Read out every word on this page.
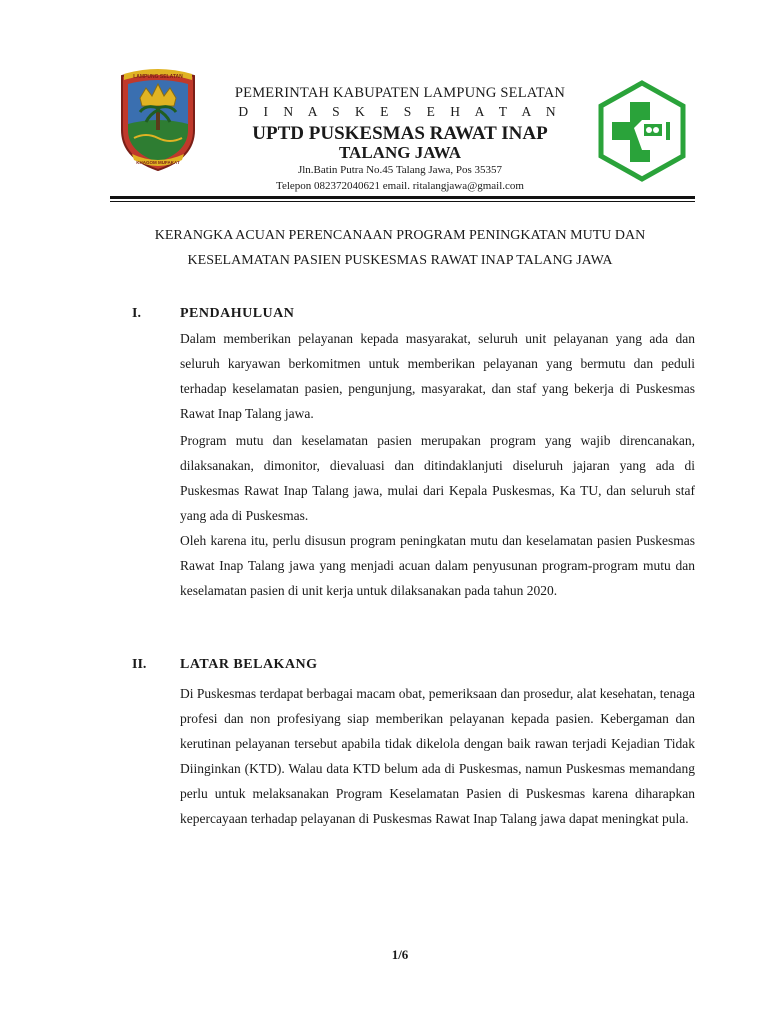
LAMPUNG SELATAN
KHAGOM MUFAKAT
PEMERINTAH KABUPATEN LAMPUNG SELATAN
D I N A S K E S E H A T A N
UPTD PUSKESMAS RAWAT INAP
TALANG JAWA
Jln.Batin Putra No.45 Talang Jawa, Pos 35357
Telepon 082372040621 email. ritalangjawa@gmail.com
KERANGKA ACUAN PERENCANAAN PROGRAM PENINGKATAN MUTU DAN
KESELAMATAN PASIEN PUSKESMAS RAWAT INAP TALANG JAWA
I.	PENDAHULUAN

Dalam memberikan pelayanan kepada masyarakat, seluruh unit pelayanan yang ada dan seluruh karyawan berkomitmen untuk memberikan pelayanan yang bermutu dan peduli terhadap keselamatan pasien, pengunjung, masyarakat, dan staf yang bekerja di Puskesmas Rawat Inap Talang jawa.

Program mutu dan keselamatan pasien merupakan program yang wajib direncanakan, dilaksanakan, dimonitor, dievaluasi dan ditindaklanjuti diseluruh jajaran yang ada di Puskesmas Rawat Inap Talang jawa, mulai dari Kepala Puskesmas, Ka TU, dan seluruh staf yang ada di Puskesmas.

Oleh karena itu, perlu disusun program peningkatan mutu dan keselamatan pasien Puskesmas Rawat Inap Talang jawa yang menjadi acuan dalam penyusunan program-program mutu dan keselamatan pasien di unit kerja untuk dilaksanakan pada tahun 2020.

II. LATAR BELAKANG

Di Puskesmas terdapat berbagai macam obat, pemeriksaan dan prosedur, alat kesehatan, tenaga profesi dan non profesiyang siap memberikan pelayanan kepada pasien. Kebergaman dan kerutinan pelayanan tersebut apabila tidak dikelola dengan baik rawan terjadi Kejadian Tidak Diinginkan (KTD). Walau data KTD belum ada di Puskesmas, namun Puskesmas memandang perlu untuk melaksanakan Program Keselamatan Pasien di Puskesmas karena diharapkan kepercayaan terhadap pelayanan di Puskesmas Rawat Inap Talang jawa dapat meningkat pula.

1/6
